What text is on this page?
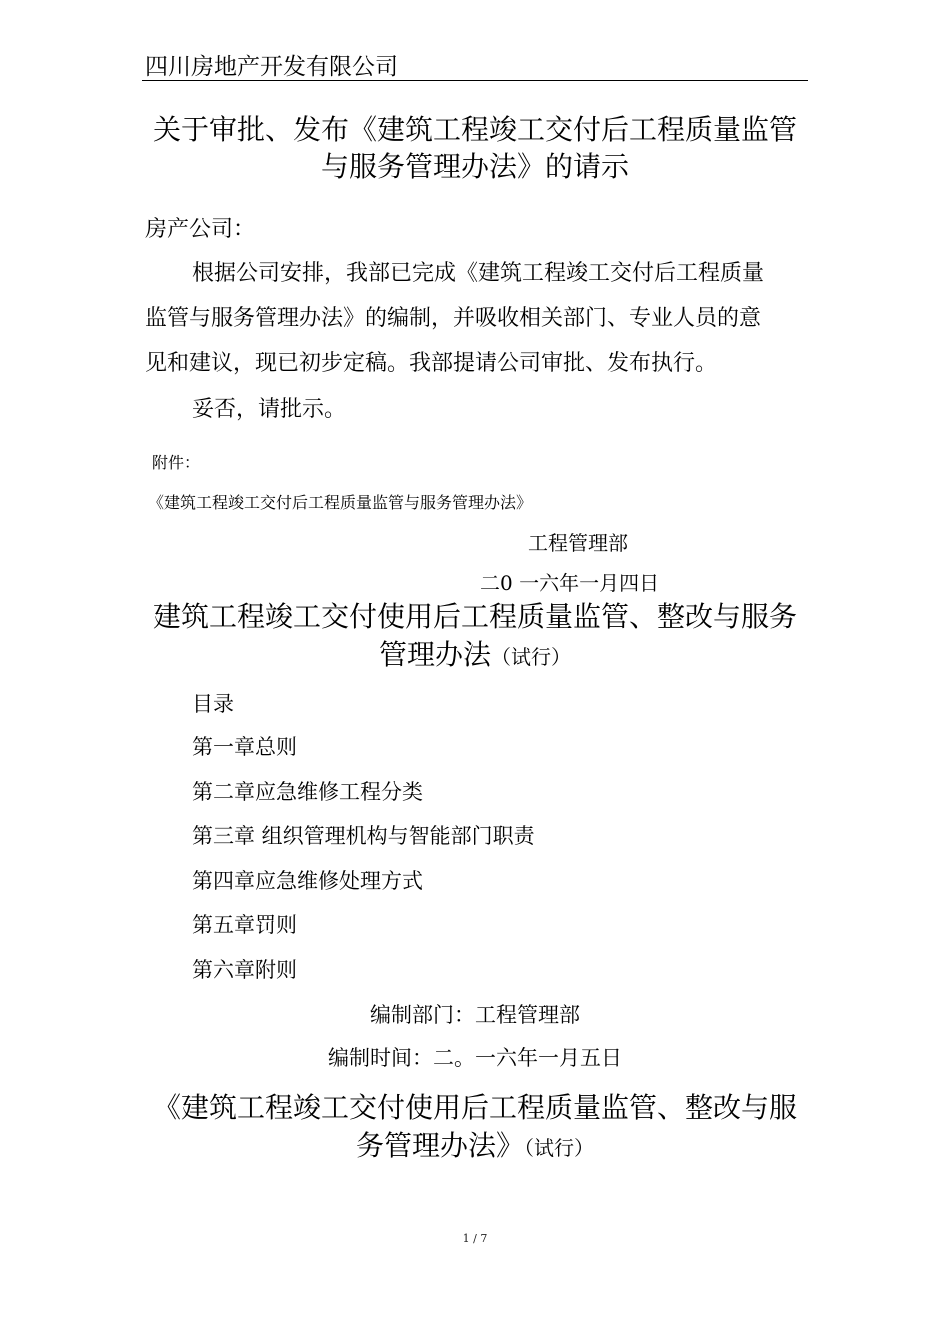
四川房地产开发有限公司
关于审批、发布《建筑工程竣工交付后工程质量监管
与服务管理办法》的请示
房产公司：
根据公司安排，我部已完成《建筑工程竣工交付后工程质量
监管与服务管理办法》的编制，并吸收相关部门、专业人员的意
见和建议，现已初步定稿。我部提请公司审批、发布执行。
妥否，请批示。
附件：
《建筑工程竣工交付后工程质量监管与服务管理办法》
工程管理部
二0 一六年一月四日
建筑工程竣工交付使用后工程质量监管、整改与服务
管理办法（试行）
目录
第一章总则
第二章应急维修工程分类
第三章 组织管理机构与智能部门职责
第四章应急维修处理方式
第五章罚则
第六章附则
编制部门：工程管理部
编制时间：二。一六年一月五日
《建筑工程竣工交付使用后工程质量监管、整改与服
务管理办法》（试行）
1 / 7
